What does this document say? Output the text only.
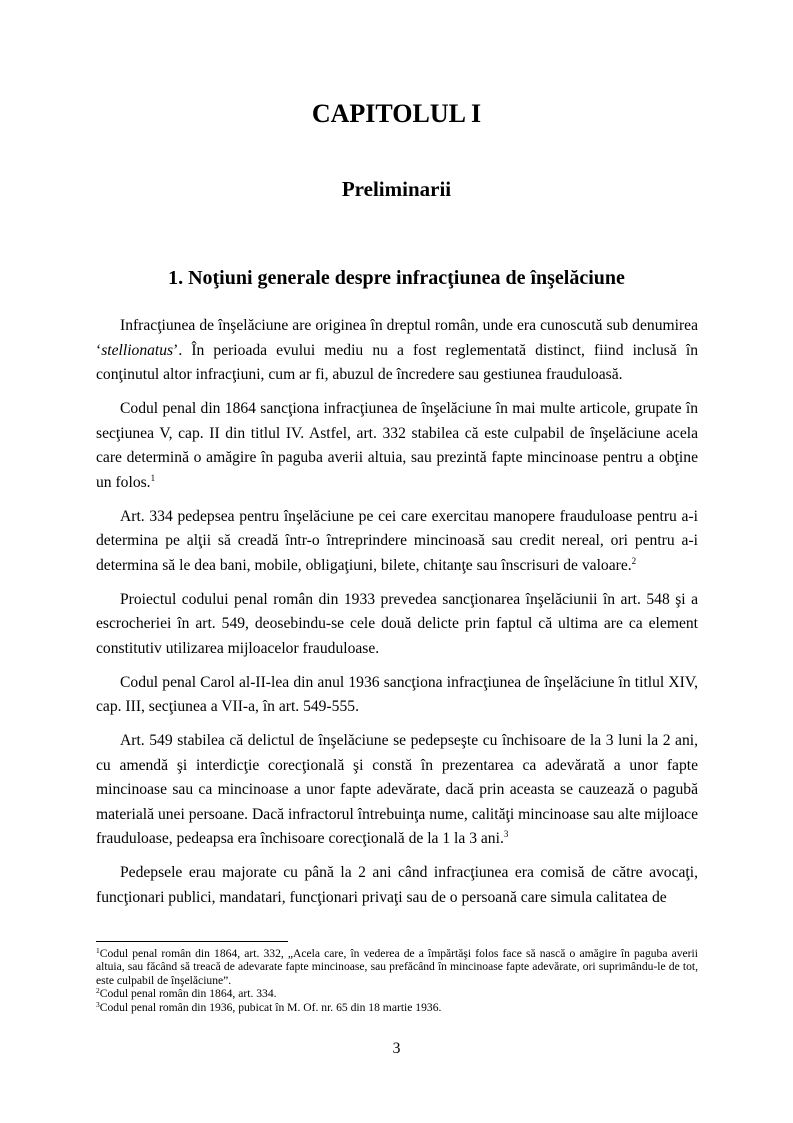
CAPITOLUL I
Preliminarii
1. Noţiuni generale despre infracţiunea de înşelăciune

Infracţiunea de înşelăciune are originea în dreptul român, unde era cunoscută sub denumirea ‘stellionatus’. În perioada evului mediu nu a fost reglementată distinct, fiind inclusă în conţinutul altor infracţiuni, cum ar fi, abuzul de încredere sau gestiunea frauduloasă.

Codul penal din 1864 sancţiona infracţiunea de înşelăciune în mai multe articole, grupate în secţiunea V, cap. II din titlul IV. Astfel, art. 332 stabilea că este culpabil de înşelăciune acela care determină o amăgire în paguba averii altuia, sau prezintă fapte mincinoase pentru a obţine un folos.$^1$

Art. 334 pedepsea pentru înşelăciune pe cei care exercitau manopere frauduloase pentru a-i determina pe alţii să creadă într-o întreprindere mincinoasă sau credit nereal, ori pentru a-i determina să le dea bani, mobile, obligaţiuni, bilete, chitanţe sau înscrisuri de valoare.$^2$

Proiectul codului penal român din 1933 prevedea sancţionarea înşelăciunii în art. 548 şi a escrocheriei în art. 549, deosebindu-se cele două delicte prin faptul că ultima are ca element constitutiv utilizarea mijloacelor frauduloase.

Codul penal Carol al-II-lea din anul 1936 sancţiona infracţiunea de înşelăciune în titlul XIV, cap. III, secţiunea a VII-a, în art. 549-555.

Art. 549 stabilea că delictul de înşelăciune se pedepseşte cu închisoare de la 3 luni la 2 ani, cu amendă şi interdicţie corecţională şi constă în prezentarea ca adevărată a unor fapte mincinoase sau ca mincinoase a unor fapte adevărate, dacă prin aceasta se cauzează o pagubă materială unei persoane. Dacă infractorul întrebuinţa nume, calităţi mincinoase sau alte mijloace frauduloase, pedeapsa era închisoare corecţională de la 1 la 3 ani.$^3$

Pedepsele erau majorate cu până la 2 ani când infracţiunea era comisă de către avocaţi, funcţionari publici, mandatari, funcţionari privaţi sau de o persoană care simula calitatea de

$^1$Codul penal român din 1864, art. 332, „Acela care, în vederea de a împărtăşi folos face să nască o amăgire în paguba averii altuia, sau făcând să treacă de adevarate fapte mincinoase, sau prefăcând în mincinoase fapte adevărate, ori suprimându-le de tot, este culpabil de înşelăciune”.

$^2$Codul penal român din 1864, art. 334.

$^3$Codul penal român din 1936, pubicat în M. Of. nr. 65 din 18 martie 1936.

3
